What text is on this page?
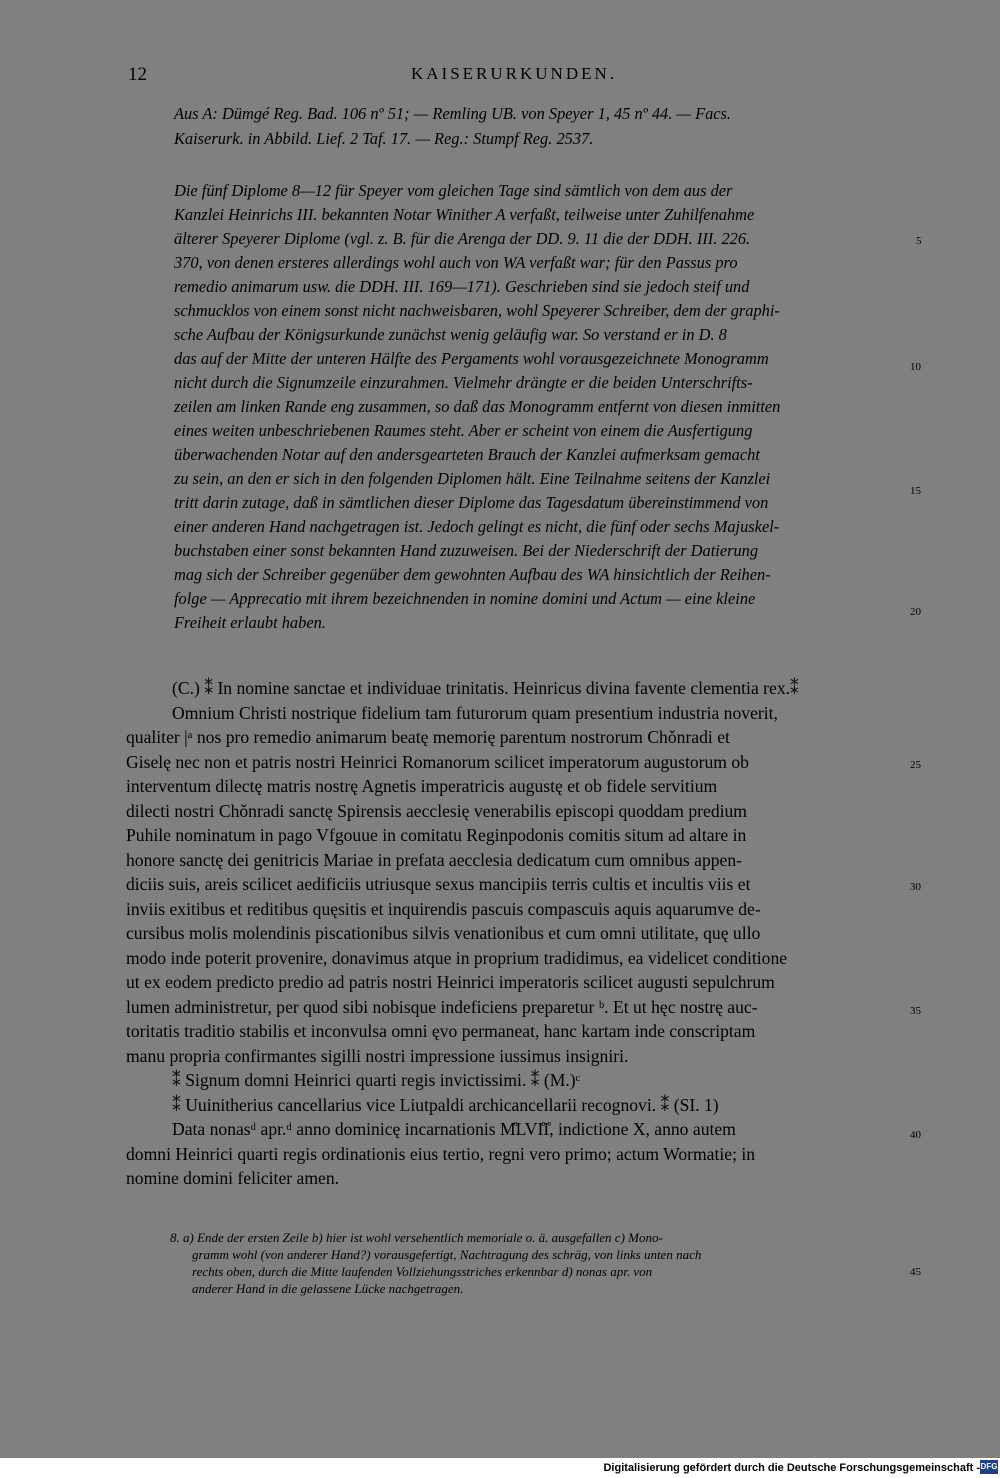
12	KAISERURKUNDEN.
Aus A: Dümgé Reg. Bad. 106 nº 51; — Remling UB. von Speyer 1, 45 nº 44. — Facs.
Kaiserurk. in Abbild. Lief. 2 Taf. 17. — Reg.: Stumpf Reg. 2537.
Die fünf Diplome 8—12 für Speyer vom gleichen Tage sind sämtlich von dem aus der
Kanzlei Heinrichs III. bekannten Notar Winither A verfaßt, teilweise unter Zuhilfenahme
älterer Speyerer Diplome (vgl. z. B. für die Arenga der DD. 9. 11 die der DDH. III. 226.
370, von denen ersteres allerdings wohl auch von WA verfaßt war; für den Passus pro
remedio animarum usw. die DDH. III. 169—171). Geschrieben sind sie jedoch steif und
schmucklos von einem sonst nicht nachweisbaren, wohl Speyerer Schreiber, dem der graphi-
sche Aufbau der Königsurkunde zunächst wenig geläufig war. So verstand er in D. 8
das auf der Mitte der unteren Hälfte des Pergaments wohl vorausgezeichnete Monogramm
nicht durch die Signumzeile einzurahmen. Vielmehr drängte er die beiden Unterschrifts-
zeilen am linken Rande eng zusammen, so daß das Monogramm entfernt von diesen inmitten
eines weiten unbeschriebenen Raumes steht. Aber er scheint von einem die Ausfertigung
überwachenden Notar auf den andersgearteten Brauch der Kanzlei aufmerksam gemacht
zu sein, an den er sich in den folgenden Diplomen hält. Eine Teilnahme seitens der Kanzlei
tritt darin zutage, daß in sämtlichen dieser Diplome das Tagesdatum übereinstimmend von
einer anderen Hand nachgetragen ist. Jedoch gelingt es nicht, die fünf oder sechs Majuskel-
buchstaben einer sonst bekannten Hand zuzuweisen. Bei der Niederschrift der Datierung
mag sich der Schreiber gegenüber dem gewohnten Aufbau des WA hinsichtlich der Reihen-
folge — Apprecatio mit ihrem bezeichnenden in nomine domini und Actum — eine kleine
Freiheit erlaubt haben.
(C.) ⁑ In nomine sanctae et individuae trinitatis. Heinricus divina favente clementia rex.⁑
Omnium Christi nostrique fidelium tam futurorum quam presentium industria noverit,
qualiter |ᵃ nos pro remedio animarum beatę memorię parentum nostrorum Chǒnradi et
Giselę nec non et patris nostri Heinrici Romanorum scilicet imperatorum augustorum ob
interventum dilectę matris nostrę Agnetis imperatricis augustę et ob fidele servitium
dilecti nostri Chǒnradi sanctę Spirensis aecclesię venerabilis episcopi quoddam predium
Puhile nominatum in pago Vfgouue in comitatu Reginpodonis comitis situm ad altare in
honore sanctę dei genitricis Mariae in prefata aecclesia dedicatum cum omnibus appen-
diciis suis, areis scilicet aedificiis utriusque sexus mancipiis terris cultis et incultis viis et
inviis exitibus et reditibus quęsitis et inquirendis pascuis compascuis aquis aquarumve de-
cursibus molis molendinis piscationibus silvis venationibus et cum omni utilitate, quę ullo
modo inde poterit provenire, donavimus atque in proprium tradidimus, ea videlicet conditione
ut ex eodem predicto predio ad patris nostri Heinrici imperatoris scilicet augusti sepulchrum
lumen administretur, per quod sibi nobisque indeficiens preparetur ᵇ. Et ut hęc nostrę auc-
toritatis traditio stabilis et inconvulsa omni ęvo permaneat, hanc kartam inde conscriptam
manu propria confirmantes sigilli nostri impressione iussimus insigniri.
⁑ Signum domni Heinrici quarti regis invictissimi. ⁑ (M.)ᶜ
⁑ Uuinitherius cancellarius vice Liutpaldi archicancellarii recognovi. ⁑ (SI. 1)
Data nonasᵈ apr.ᵈ anno dominicę incarnationis M̊LVI̊I̊, indictione X, anno autem
domni Heinrici quarti regis ordinationis eius tertio, regni vero primo; actum Wormatie; in
nomine domini feliciter amen.
8. a) Ende der ersten Zeile b) hier ist wohl versehentlich memoriale o. ä. ausgefallen c) Mono-
gramm wohl (von anderer Hand?) vorausgefertigt, Nachtragung des schräg, von links unten nach
rechts oben, durch die Mitte laufenden Vollziehungsstriches erkennbar d) nonas apr. von
anderer Hand in die gelassene Lücke nachgetragen.
5
10
15
20
25
30
35
40
45
Digitalisierung gefördert durch die Deutsche Forschungsgemeinschaft - DFG
